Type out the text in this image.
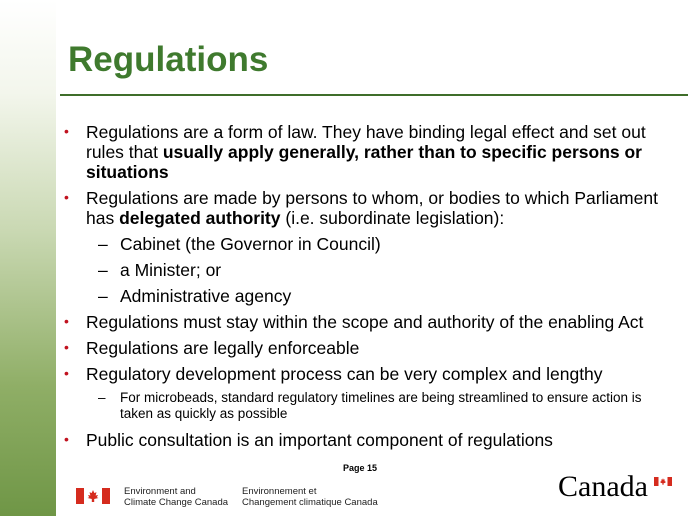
Regulations
• Regulations are a form of law. They have binding legal effect and set out rules that usually apply generally, rather than to specific persons or situations
• Regulations are made by persons to whom, or bodies to which Parliament has delegated authority (i.e. subordinate legislation):
– Cabinet (the Governor in Council)
– a Minister; or
– Administrative agency
• Regulations must stay within the scope and authority of the enabling Act
• Regulations are legally enforceable
• Regulatory development process can be very complex and lengthy
– For microbeads, standard regulatory timelines are being streamlined to ensure action is taken as quickly as possible
• Public consultation is an important component of regulations
Page 15
Environment and
Climate Change Canada
Environnement et
Changement climatique Canada	Canada
